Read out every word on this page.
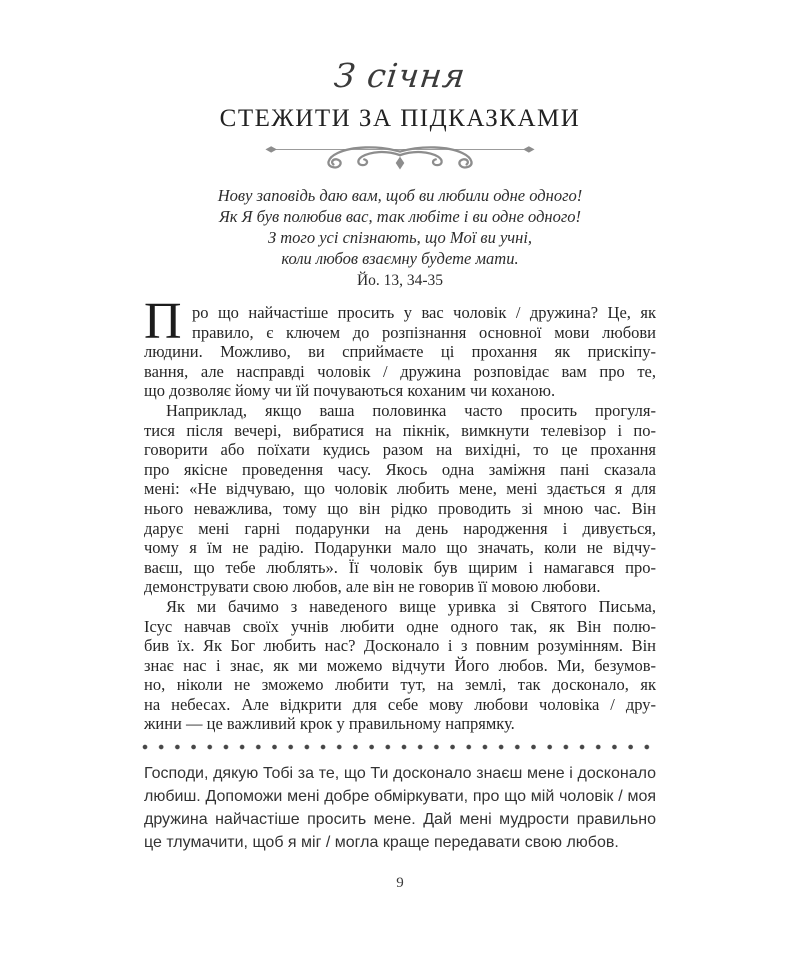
З січня
СТЕЖИТИ ЗА ПІДКАЗКАМИ
Нову заповідь даю вам, щоб ви любили одне одного!
Як Я був полюбив вас, так любіте і ви одне одного!
З того усі спізнають, що Мої ви учні,
коли любов взаємну будете мати.
Йо. 13, 34-35
П ро що найчастіше просить у вас чоловік / дружина? Це, як
правило, є ключем до розпізнання основної мови любови
людини. Можливо, ви сприймаєте ці прохання як прискіпу-
вання, але насправді чоловік / дружина розповідає вам про те,
що дозволяє йому чи їй почуваються коханим чи коханою.
Наприклад, якщо ваша половинка часто просить прогуля-
тися після вечері, вибратися на пікнік, вимкнути телевізор і по-
говорити або поїхати кудись разом на вихідні, то це прохання
про якісне проведення часу. Якось одна заміжня пані сказала
мені: «Не відчуваю, що чоловік любить мене, мені здається я для
нього неважлива, тому що він рідко проводить зі мною час. Він
дарує мені гарні подарунки на день народження і дивується,
чому я їм не радію. Подарунки мало що значать, коли не відчу-
ваєш, що тебе люблять». Її чоловік був щирим і намагався про-
демонструвати свою любов, але він не говорив її мовою любови.
Як ми бачимо з наведеного вище уривка зі Святого Письма,
Ісус навчав своїх учнів любити одне одного так, як Він полю-
бив їх. Як Бог любить нас? Досконало і з повним розумінням. Він
знає нас і знає, як ми можемо відчути Його любов. Ми, безумов-
но, ніколи не зможемо любити тут, на землі, так досконало, як
на небесах. Але відкрити для себе мову любови чоловіка / дру-
жини — це важливий крок у правильному напрямку.
Господи, дякую Тобі за те, що Ти досконало знаєш мене і досконало любиш. Допоможи мені добре обміркувати, про що мій чоловік / моя дружина найчастіше просить мене. Дай мені мудрости правильно це тлумачити, щоб я міг / могла краще передавати свою любов.
9
